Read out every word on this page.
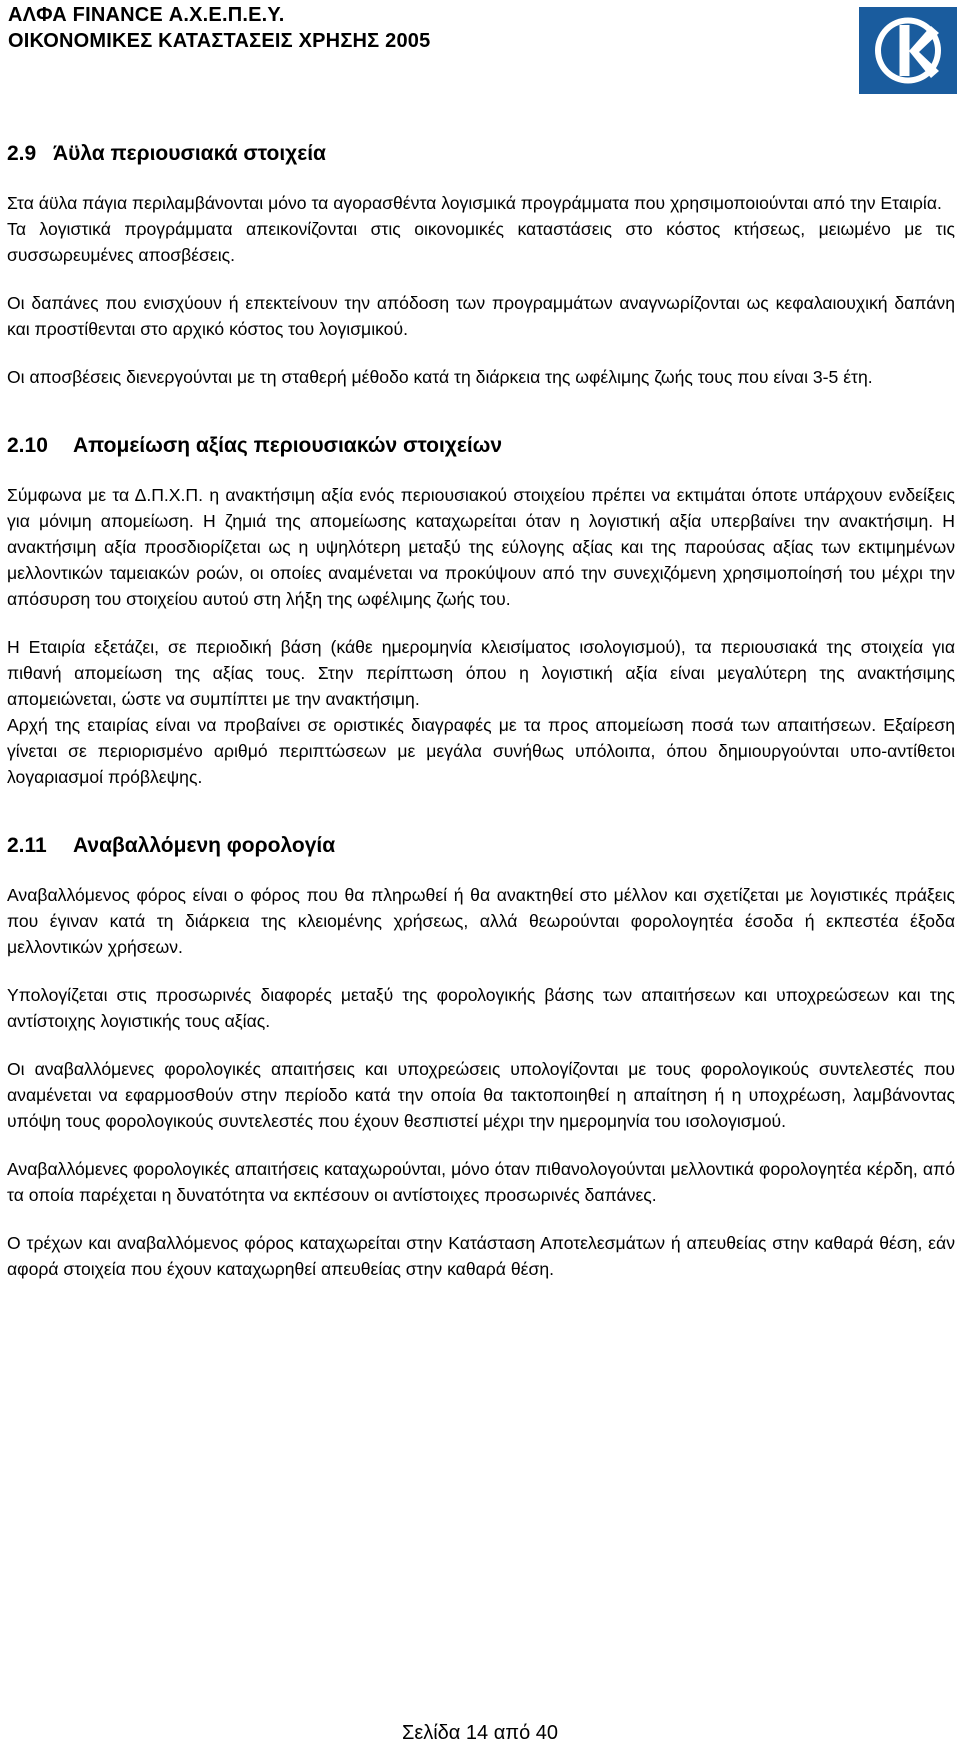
ΑΛΦΑ FINANCE Α.Χ.Ε.Π.Ε.Υ.
ΟΙΚΟΝΟΜΙΚΕΣ ΚΑΤΑΣΤΑΣΕΙΣ ΧΡΗΣΗΣ 2005
2.9 Άϋλα περιουσιακά στοιχεία

Στα άϋλα πάγια περιλαμβάνονται μόνο τα αγορασθέντα λογισμικά προγράμματα που χρησιμοποιούνται από την Εταιρία.

Τα λογιστικά προγράμματα απεικονίζονται στις οικονομικές καταστάσεις στο κόστος κτήσεως, μειωμένο με τις συσσωρευμένες αποσβέσεις.

Οι δαπάνες που ενισχύουν ή επεκτείνουν την απόδοση των προγραμμάτων αναγνωρίζονται ως κεφαλαιουχική δαπάνη και προστίθενται στο αρχικό κόστος του λογισμικού.

Οι αποσβέσεις διενεργούνται με τη σταθερή μέθοδο κατά τη διάρκεια της ωφέλιμης ζωής τους που είναι 3-5 έτη.

2.10	Απομείωση αξίας περιουσιακών στοιχείων

Σύμφωνα με τα Δ.Π.Χ.Π. η ανακτήσιμη αξία ενός περιουσιακού στοιχείου πρέπει να εκτιμάται όποτε υπάρχουν ενδείξεις για μόνιμη απομείωση. Η ζημιά της απομείωσης καταχωρείται όταν η λογιστική αξία υπερβαίνει την ανακτήσιμη. Η ανακτήσιμη αξία προσδιορίζεται ως η υψηλότερη μεταξύ της εύλογης αξίας και της παρούσας αξίας των εκτιμημένων μελλοντικών ταμειακών ροών, οι οποίες αναμένεται να προκύψουν από την συνεχιζόμενη χρησιμοποίησή του μέχρι την απόσυρση του στοιχείου αυτού στη λήξη της ωφέλιμης ζωής του.

Η Εταιρία εξετάζει, σε περιοδική βάση (κάθε ημερομηνία κλεισίματος ισολογισμού), τα περιουσιακά της στοιχεία για πιθανή απομείωση της αξίας τους. Στην περίπτωση όπου η λογιστική αξία είναι μεγαλύτερη της ανακτήσιμης απομειώνεται, ώστε να συμπίπτει με την ανακτήσιμη.

Αρχή της εταιρίας είναι να προβαίνει σε οριστικές διαγραφές με τα προς απομείωση ποσά των απαιτήσεων. Εξαίρεση γίνεται σε περιορισμένο αριθμό περιπτώσεων με μεγάλα συνήθως υπόλοιπα, όπου δημιουργούνται υπο-αντίθετοι λογαριασμοί πρόβλεψης.

2.11	Αναβαλλόμενη φορολογία

Αναβαλλόμενος φόρος είναι ο φόρος που θα πληρωθεί ή θα ανακτηθεί στο μέλλον και σχετίζεται με λογιστικές πράξεις που έγιναν κατά τη διάρκεια της κλειομένης χρήσεως, αλλά θεωρούνται φορολογητέα έσοδα ή εκπεστέα έξοδα μελλοντικών χρήσεων.

Υπολογίζεται στις προσωρινές διαφορές μεταξύ της φορολογικής βάσης των απαιτήσεων και υποχρεώσεων και της αντίστοιχης λογιστικής τους αξίας.

Οι αναβαλλόμενες φορολογικές απαιτήσεις και υποχρεώσεις υπολογίζονται με τους φορολογικούς συντελεστές που αναμένεται να εφαρμοσθούν στην περίοδο κατά την οποία θα τακτοποιηθεί η απαίτηση ή η υποχρέωση, λαμβάνοντας υπόψη τους φορολογικούς συντελεστές που έχουν θεσπιστεί μέχρι την ημερομηνία του ισολογισμού.

Αναβαλλόμενες φορολογικές απαιτήσεις καταχωρούνται, μόνο όταν πιθανολογούνται μελλοντικά φορολογητέα κέρδη, από τα οποία παρέχεται η δυνατότητα να εκπέσουν οι αντίστοιχες προσωρινές δαπάνες.

Ο τρέχων και αναβαλλόμενος φόρος καταχωρείται στην Κατάσταση Αποτελεσμάτων ή απευθείας στην καθαρά θέση, εάν αφορά στοιχεία που έχουν καταχωρηθεί απευθείας στην καθαρά θέση.

Σελίδα 14 από 40
